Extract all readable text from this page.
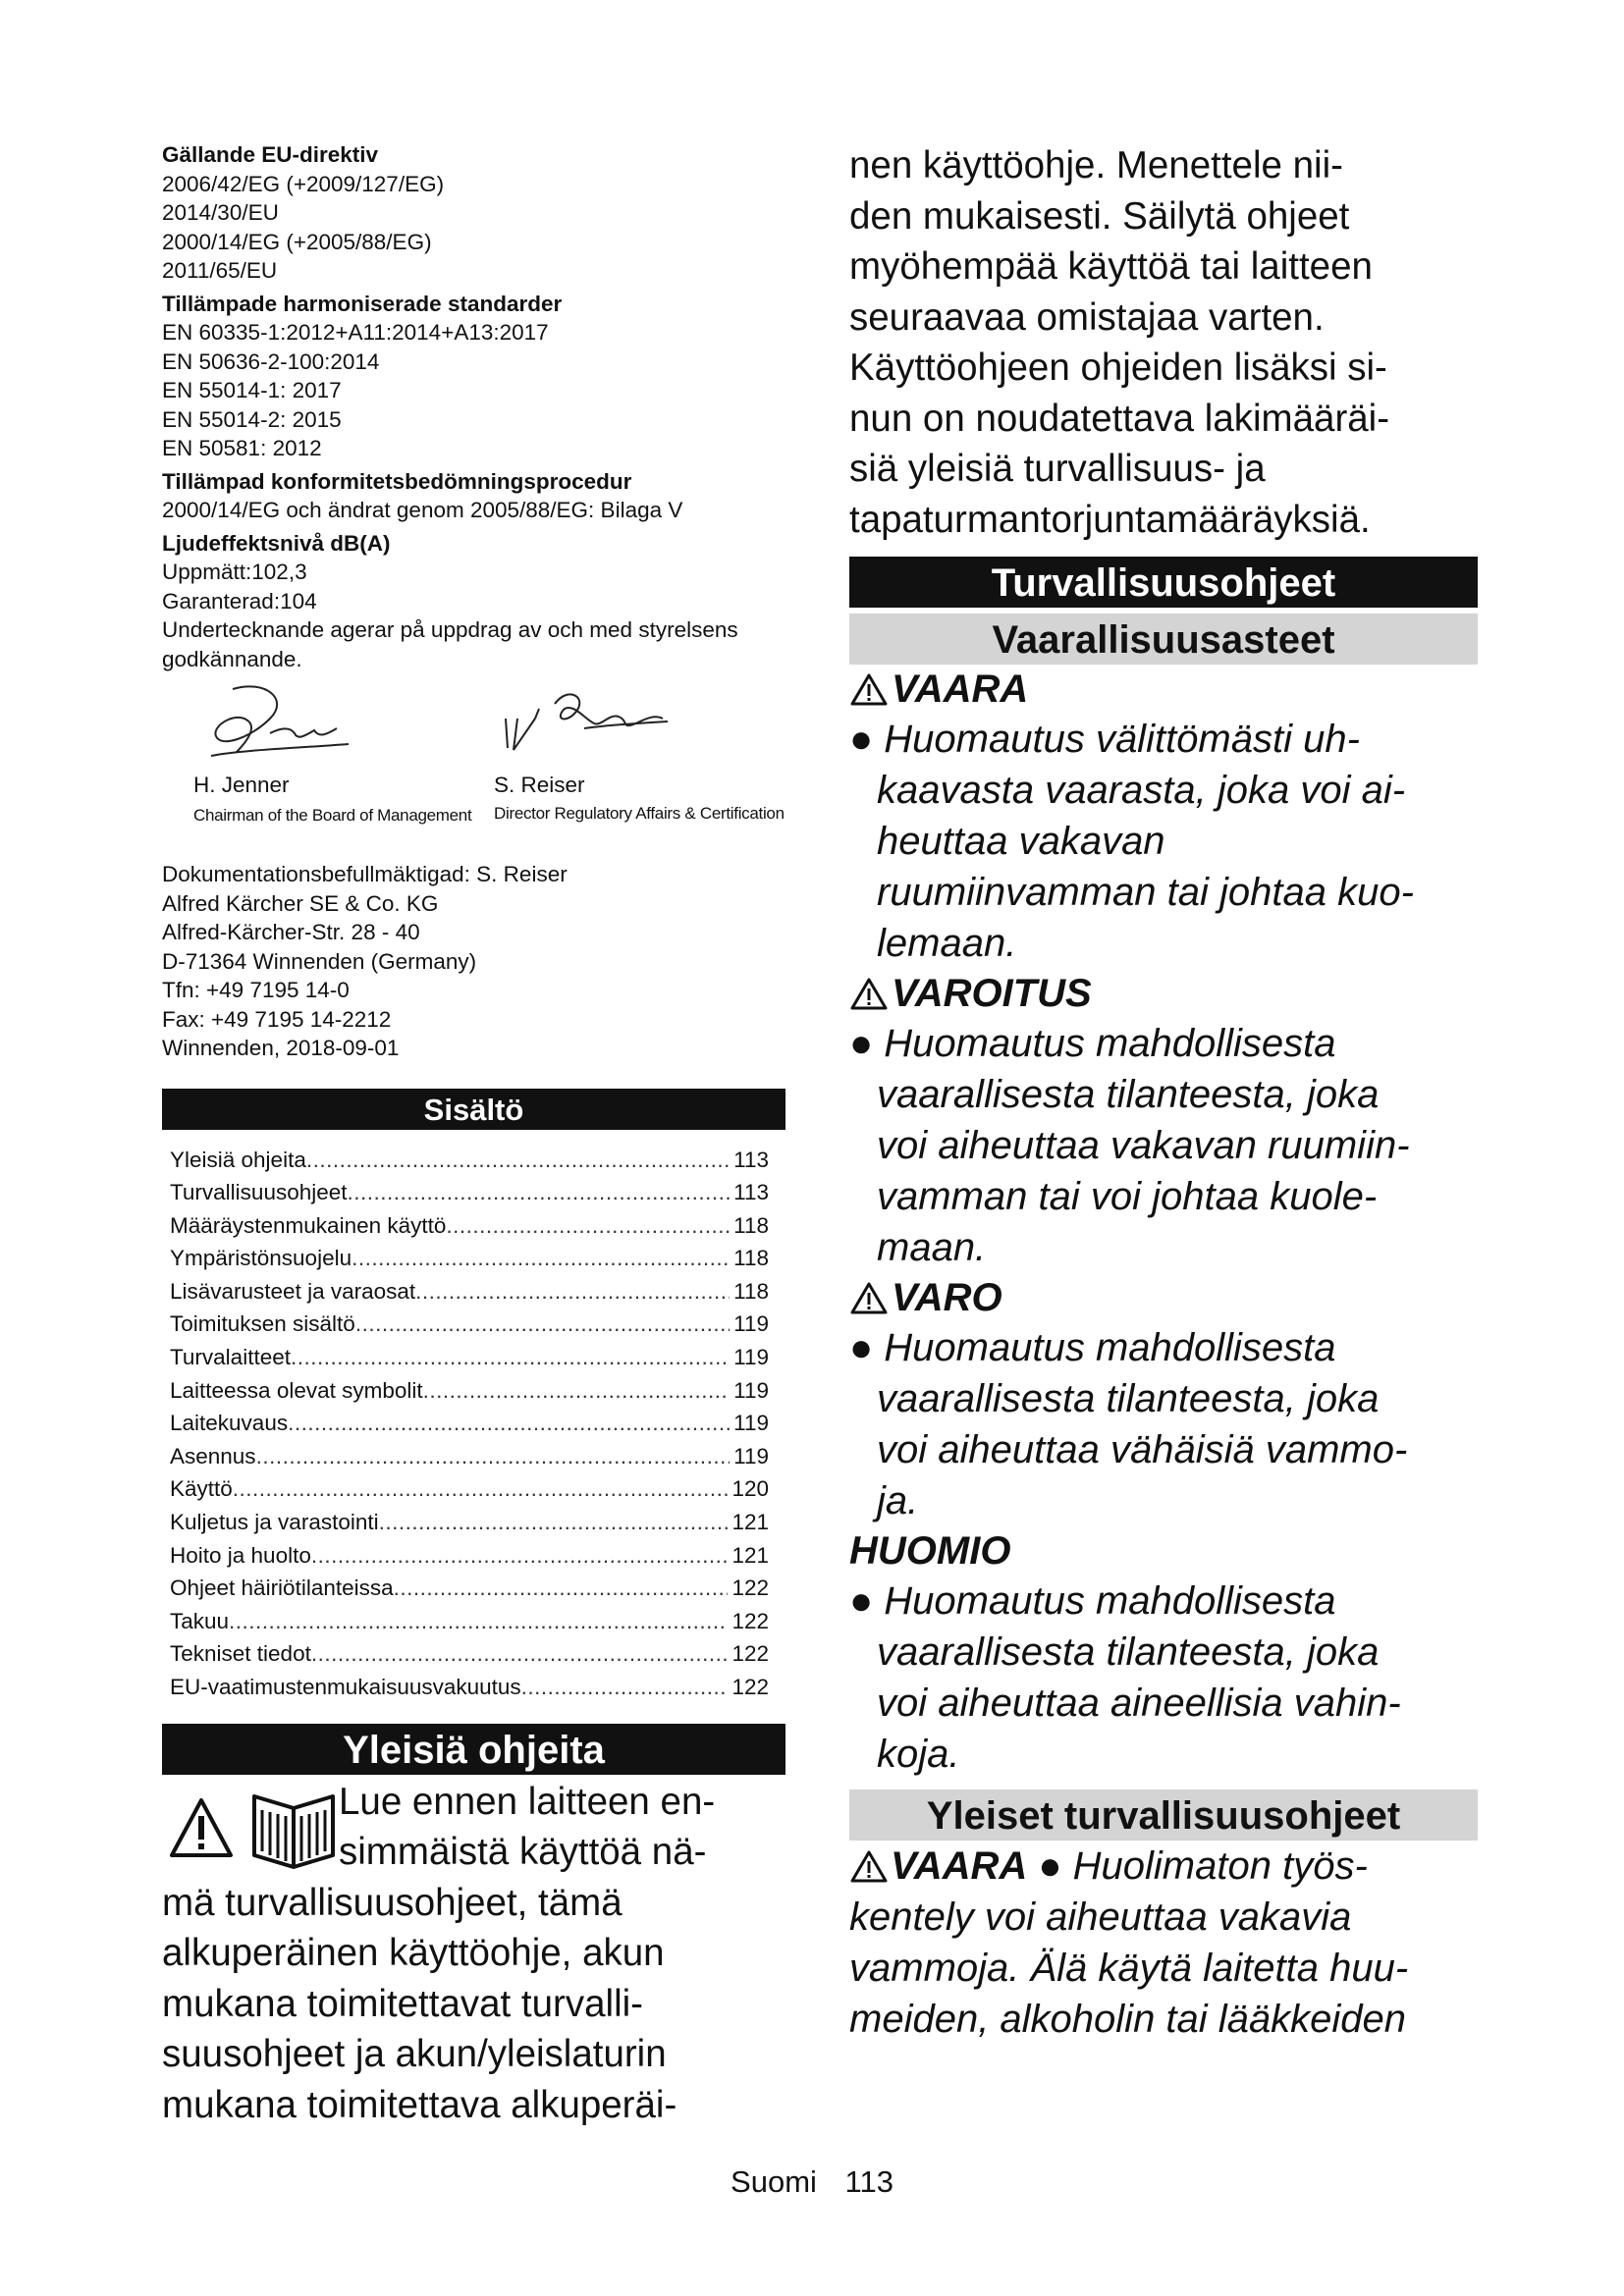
Gällande EU-direktiv
2006/42/EG (+2009/127/EG)
2014/30/EU
2000/14/EG (+2005/88/EG)
2011/65/EU
Tillämpade harmoniserade standarder
EN 60335-1:2012+A11:2014+A13:2017
EN 50636-2-100:2014
EN 55014-1: 2017
EN 55014-2: 2015
EN 50581: 2012
Tillämpad konformitetsbedömningsprocedur
2000/14/EG och ändrat genom 2005/88/EG: Bilaga V
Ljudeffektsnivå dB(A)
Uppmätt:102,3
Garanterad:104
Undertecknande agerar på uppdrag av och med styrelsens godkännande.
H. Jenner
Chairman of the Board of Management
S. Reiser
Director Regulatory Affairs & Certification
Dokumentationsbefullmäktigad: S. Reiser
Alfred Kärcher SE & Co. KG
Alfred-Kärcher-Str. 28 - 40
D-71364 Winnenden (Germany)
Tfn: +49 7195 14-0
Fax: +49 7195 14-2212
Winnenden, 2018-09-01
Sisältö
Yleisiä ohjeita .....	113
Turvallisuusohjeet .....	113
Määräystenmukainen käyttö .....	118
Ympäristönsuojelu .....	118
Lisävarusteet ja varaosat .....	118
Toimituksen sisältö .....	119
Turvalaitteet .....	119
Laitteessa olevat symbolit .....	119
Laitekuvaus .....	119
Asennus .....	119
Käyttö .....	120
Kuljetus ja varastointi .....	121
Hoito ja huolto .....	121
Ohjeet häiriötilanteissa .....	122
Takuu .....	122
Tekniset tiedot .....	122
EU-vaatimustenmukaisuusvakuutus .....	122
Yleisiä ohjeita
Lue ennen laitteen en-
simmäistä käyttöä nä-
mä turvallisuusohjeet, tämä
alkuperäinen käyttöohje, akun
mukana toimitettavat turvalli-
suusohjeet ja akun/yleislaturin
mukana toimitettava alkuperäi-
nen käyttöohje. Menettele nii-
den mukaisesti. Säilytä ohjeet
myöhempää käyttöä tai laitteen
seuraavaa omistajaa varten.
Käyttöohjeen ohjeiden lisäksi si-
nun on noudatettava lakimääräi-
siä yleisiä turvallisuus- ja
tapaturmantorjuntamääräyksiä.
Turvallisuusohjeet
Vaarallisuusasteet
VAARA
● Huomautus välittömästi uh-
kaavasta vaarasta, joka voi ai-
heuttaa vakavan
ruumiinvamman tai johtaa kuo-
lemaan.
VAROITUS
● Huomautus mahdollisesta
vaarallisesta tilanteesta, joka
voi aiheuttaa vakavan ruumiin-
vamman tai voi johtaa kuole-
maan.
VARO
● Huomautus mahdollisesta
vaarallisesta tilanteesta, joka
voi aiheuttaa vähäisiä vammo-
ja.
HUOMIO
● Huomautus mahdollisesta
vaarallisesta tilanteesta, joka
voi aiheuttaa aineellisia vahin-
koja.
Yleiset turvallisuusohjeet
VAARA ● Huolimaton työs-
kentely voi aiheuttaa vakavia
vammoja. Älä käytä laitetta huu-
meiden, alkoholin tai lääkkeiden
Suomi 113
